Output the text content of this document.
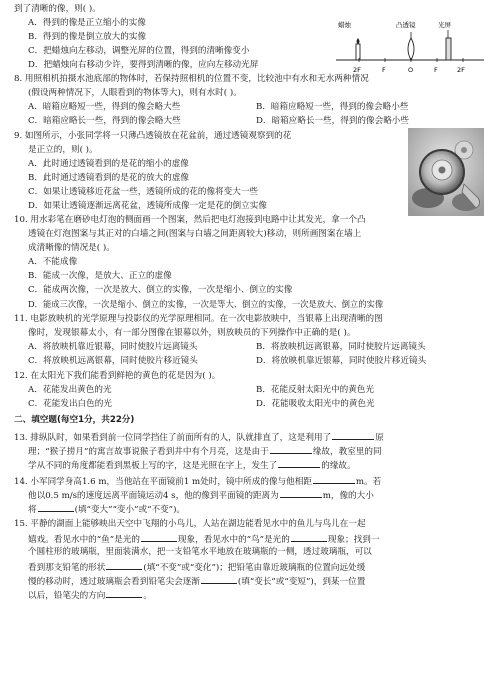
到了清晰的像，则( )。
A．得到的像是正立缩小的实像
B．得到的像是倒立放大的实像
C．把蜡烛向左移动，调整光屏的位置，得到的清晰像变小
D．把蜡烛向右移动少许，要得到清晰的像，应向左移动光屏
蜡烛	凸透镜	光屏
2F	F	O	F	2F
8. 用照相机拍摄水池底部的物体时，若保持照相机的位置不变，比较池中有水和无水两种情况
(假设两种情况下，人眼看到的物体等大)，则有水时( )。
A．暗箱应略短一些，得到的像会略大些	B．暗箱应略短一些，得到的像会略小些
C．暗箱应略长一些，得到的像会略大些	D．暗箱应略长一些，得到的像会略小些
9. 如图所示，小张同学将一只薄凸透镜放在花盆前，通过透镜观察到的花
是正立的，则( )。
A．此时通过透镜看到的是花的缩小的虚像
B．此时通过透镜看到的是花的放大的虚像
C．如果让透镜移近花盆一些，透镜所成的花的像将变大一些
D．如果让透镜逐渐远离花盆，透镜所成像一定是花的倒立实像
10. 用水彩笔在磨砂电灯泡的侧面画一个图案，然后把电灯泡接到电路中让其发光，拿一个凸
透镜在灯泡图案与其正对的白墙之间(图案与白墙之间距离较大)移动，则所画图案在墙上
成清晰像的情况是( )。
A．不能成像
B．能成一次像，是放大、正立的虚像
C．能成两次像，一次是放大、倒立的实像，一次是缩小、倒立的实像
D．能成三次像，一次是缩小、倒立的实像，一次是等大、倒立的实像，一次是放大、倒立的实像
11. 电影放映机的光学原理与投影仪的光学原理相同。在一次电影放映中，当银幕上出现清晰的图
像时，发现银幕太小，有一部分图像在银幕以外，则放映员的下列操作中正确的是( )。
A．将放映机靠近银幕，同时使胶片远离镜头	B．将放映机远离银幕，同时使胶片远离镜头
C．将放映机远离银幕，同时使胶片移近镜头	D．将放映机靠近银幕，同时使胶片移近镜头
12. 在太阳光下我们能看到鲜艳的黄色的花是因为( )。
A．花能发出黄色的光	B．花能反射太阳光中的黄色光
C．花能发出白色的光	D．花能吸收太阳光中的黄色光
二、填空题(每空1分，共22分)
13. 排纵队时，如果看到前一位同学挡住了前面所有的人，队就排直了，这是利用了	原
理；“猴子捞月”的寓言故事说猴子看到井中有个月亮，这是由于	缘故，教室里的同
学从不同的角度都能看到黑板上写的字，这是光照在字上，发生了	的缘故。
14. 小军同学身高1.6 m，当他站在平面镜前1 m处时，镜中所成的像与他相距	m。若
他以0.5 m/s的速度远离平面镜运动4 s，他的像到平面镜的距离为	m，像的大小
将	(填“变大”“变小”或“不变”)。
15. 平静的湖面上能够映出天空中飞翔的小鸟儿，人站在湖边能看见水中的鱼儿与鸟儿在一起
嬉戏。看见水中的“鱼”是光的	现象，看见水中的“鸟”是光的	现象；找到一
个圆柱形的玻璃瓶，里面装满水，把一支铅笔水平地放在玻璃瓶的一侧，透过玻璃瓶，可以
看到那支铅笔的形状	(填“不变”或“变化”)；把铅笔由靠近玻璃瓶的位置向远处缓
慢的移动时，透过玻璃瓶会看到铅笔尖会逐渐	(填“变长”或“变短”)，到某一位置
以后，铅笔尖的方向	。
